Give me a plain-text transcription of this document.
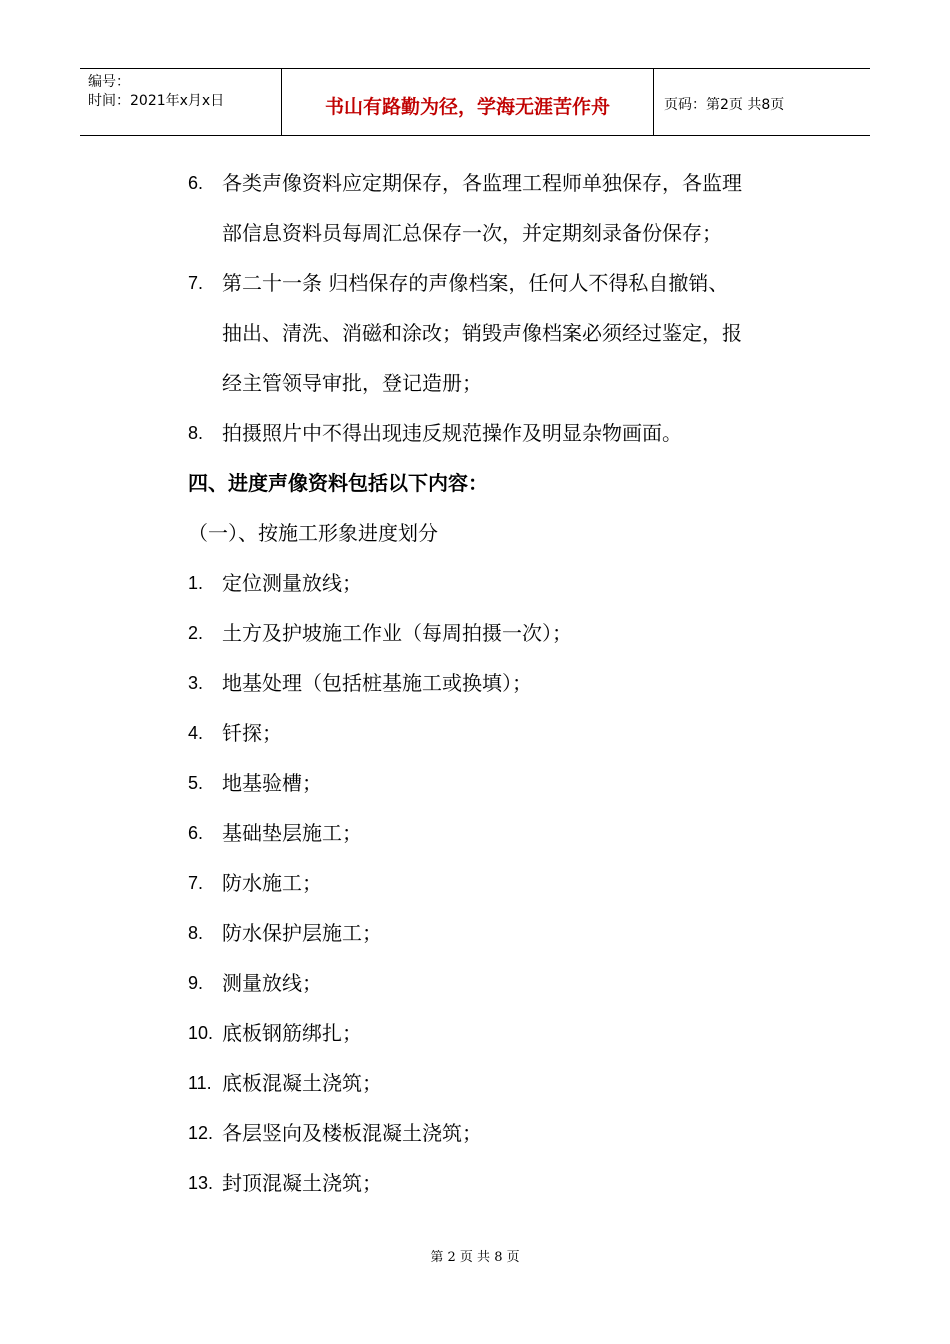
编号：
时间：2021年x月x日	书山有路勤为径，学海无涯苦作舟	页码：第2页 共8页
6. 各类声像资料应定期保存，各监理工程师单独保存，各监理
部信息资料员每周汇总保存一次，并定期刻录备份保存；
7. 第二十一条 归档保存的声像档案，任何人不得私自撤销、
抽出、清洗、消磁和涂改；销毁声像档案必须经过鉴定，报
经主管领导审批，登记造册；
8. 拍摄照片中不得出现违反规范操作及明显杂物画面。
四、进度声像资料包括以下内容：
（一）、按施工形象进度划分
1. 定位测量放线；
2. 土方及护坡施工作业（每周拍摄一次）；
3. 地基处理（包括桩基施工或换填）；
4. 钎探；
5. 地基验槽；
6. 基础垫层施工；
7. 防水施工；
8. 防水保护层施工；
9. 测量放线；
10. 底板钢筋绑扎；
11. 底板混凝土浇筑；
12. 各层竖向及楼板混凝土浇筑；
13. 封顶混凝土浇筑；
第 2 页 共 8 页
